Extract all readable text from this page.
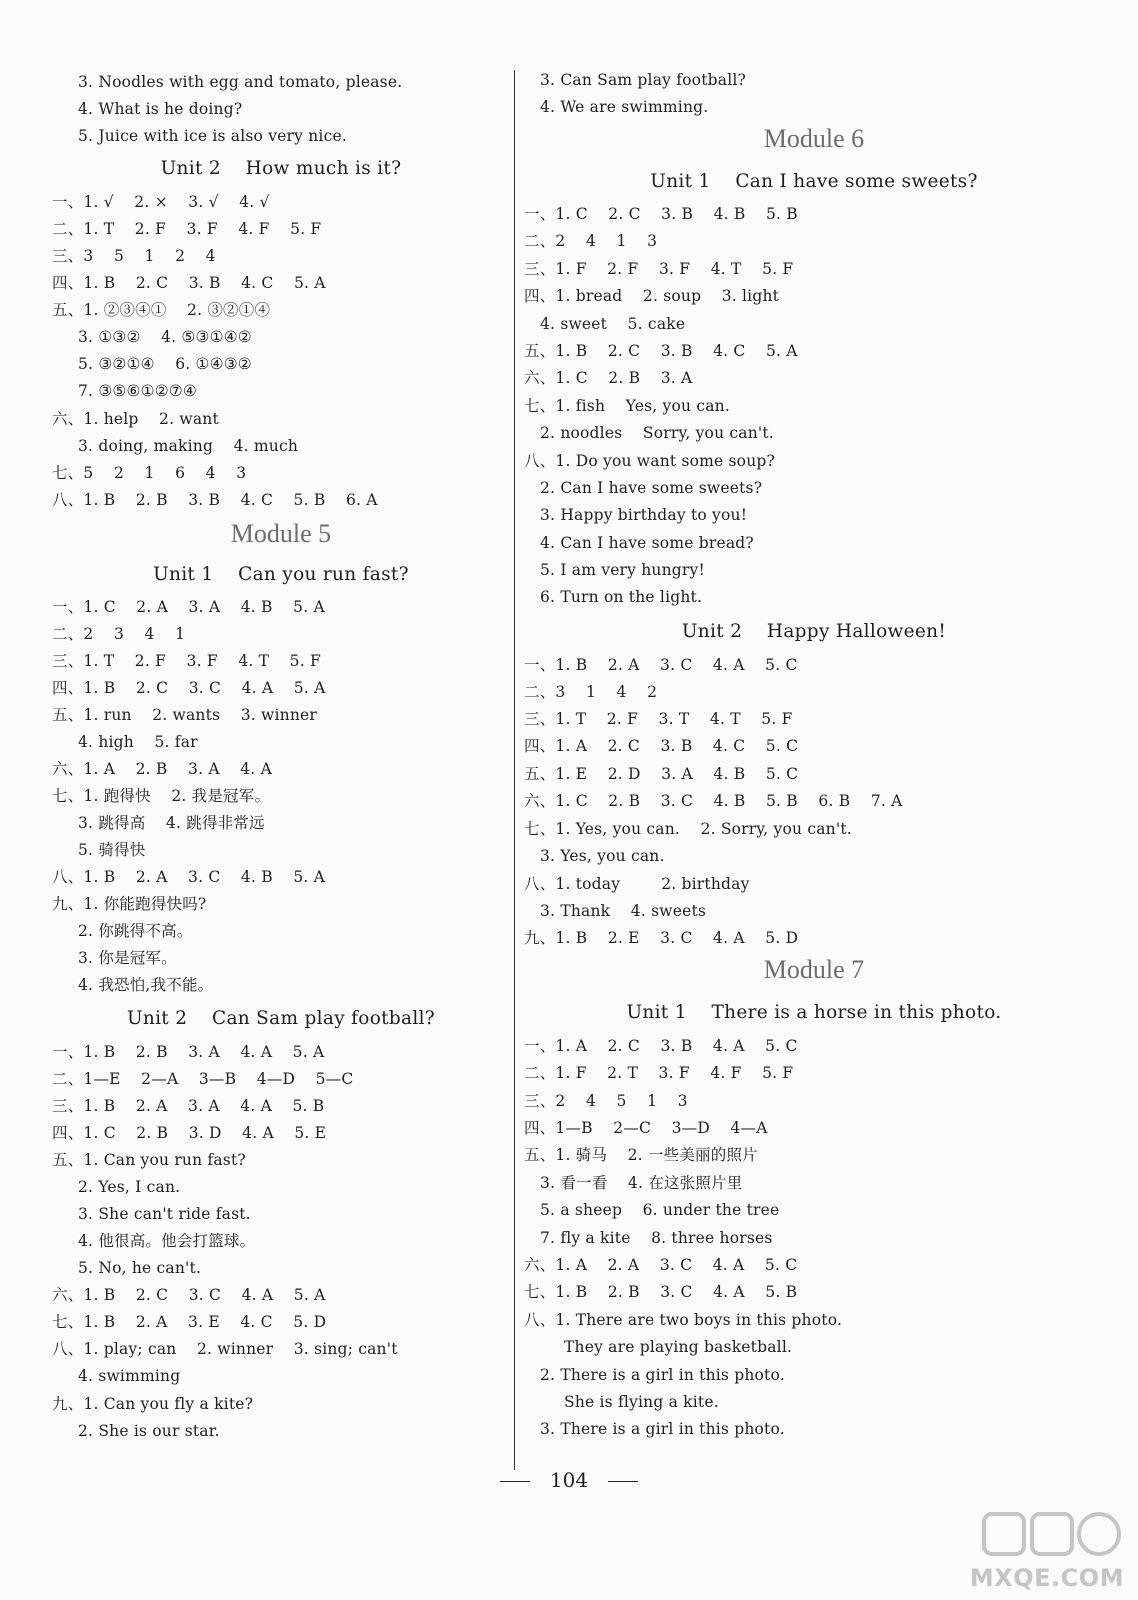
3. Noodles with egg and tomato, please.
4. What is he doing?
5. Juice with ice is also very nice.
Unit 2    How much is it?
一、1. √    2. ×    3. √    4. √
二、1. T    2. F    3. F    4. F    5. F
三、3    5    1    2    4
四、1. B    2. C    3. B    4. C    5. A
五、1. ②③④①    2. ③②①④
3. ①③②    4. ⑤③①④②
5. ③②①④    6. ①④③②
7. ③⑤⑥①②⑦④
六、1. help    2. want
3. doing, making    4. much
七、5    2    1    6    4    3
八、1. B    2. B    3. B    4. C    5. B    6. A
Module 5
Unit 1    Can you run fast?
一、1. C    2. A    3. A    4. B    5. A
二、2    3    4    1
三、1. T    2. F    3. F    4. T    5. F
四、1. B    2. C    3. C    4. A    5. A
五、1. run    2. wants    3. winner
4. high    5. far
六、1. A    2. B    3. A    4. A
七、1. 跑得快    2. 我是冠军。
3. 跳得高    4. 跳得非常远
5. 骑得快
八、1. B    2. A    3. C    4. B    5. A
九、1. 你能跑得快吗?
2. 你跳得不高。
3. 你是冠军。
4. 我恐怕,我不能。
Unit 2    Can Sam play football?
一、1. B    2. B    3. A    4. A    5. A
二、1—E    2—A    3—B    4—D    5—C
三、1. B    2. A    3. A    4. A    5. B
四、1. C    2. B    3. D    4. A    5. E
五、1. Can you run fast?
2. Yes, I can.
3. She can't ride fast.
4. 他很高。他会打篮球。
5. No, he can't.
六、1. B    2. C    3. C    4. A    5. A
七、1. B    2. A    3. E    4. C    5. D
八、1. play; can    2. winner    3. sing; can't
4. swimming
九、1. Can you fly a kite?
2. She is our star.
3. Can Sam play football?
4. We are swimming.
Module 6
Unit 1    Can I have some sweets?
一、1. C    2. C    3. B    4. B    5. B
二、2    4    1    3
三、1. F    2. F    3. F    4. T    5. F
四、1. bread    2. soup    3. light
4. sweet    5. cake
五、1. B    2. C    3. B    4. C    5. A
六、1. C    2. B    3. A
七、1. fish    Yes, you can.
2. noodles    Sorry, you can't.
八、1. Do you want some soup?
2. Can I have some sweets?
3. Happy birthday to you!
4. Can I have some bread?
5. I am very hungry!
6. Turn on the light.
Unit 2    Happy Halloween!
一、1. B    2. A    3. C    4. A    5. C
二、3    1    4    2
三、1. T    2. F    3. T    4. T    5. F
四、1. A    2. C    3. B    4. C    5. C
五、1. E    2. D    3. A    4. B    5. C
六、1. C    2. B    3. C    4. B    5. B    6. B    7. A
七、1. Yes, you can.    2. Sorry, you can't.
3. Yes, you can.
八、1. today        2. birthday
3. Thank    4. sweets
九、1. B    2. E    3. C    4. A    5. D
Module 7
Unit 1    There is a horse in this photo.
一、1. A    2. C    3. B    4. A    5. C
二、1. F    2. T    3. F    4. F    5. F
三、2    4    5    1    3
四、1—B    2—C    3—D    4—A
五、1. 骑马    2. 一些美丽的照片
3. 看一看    4. 在这张照片里
5. a sheep    6. under the tree
7. fly a kite    8. three horses
六、1. A    2. A    3. C    4. A    5. C
七、1. B    2. B    3. C    4. A    5. B
八、1. There are two boys in this photo.
They are playing basketball.
2. There is a girl in this photo.
She is flying a kite.
3. There is a girl in this photo.
104
MXQE.COM
